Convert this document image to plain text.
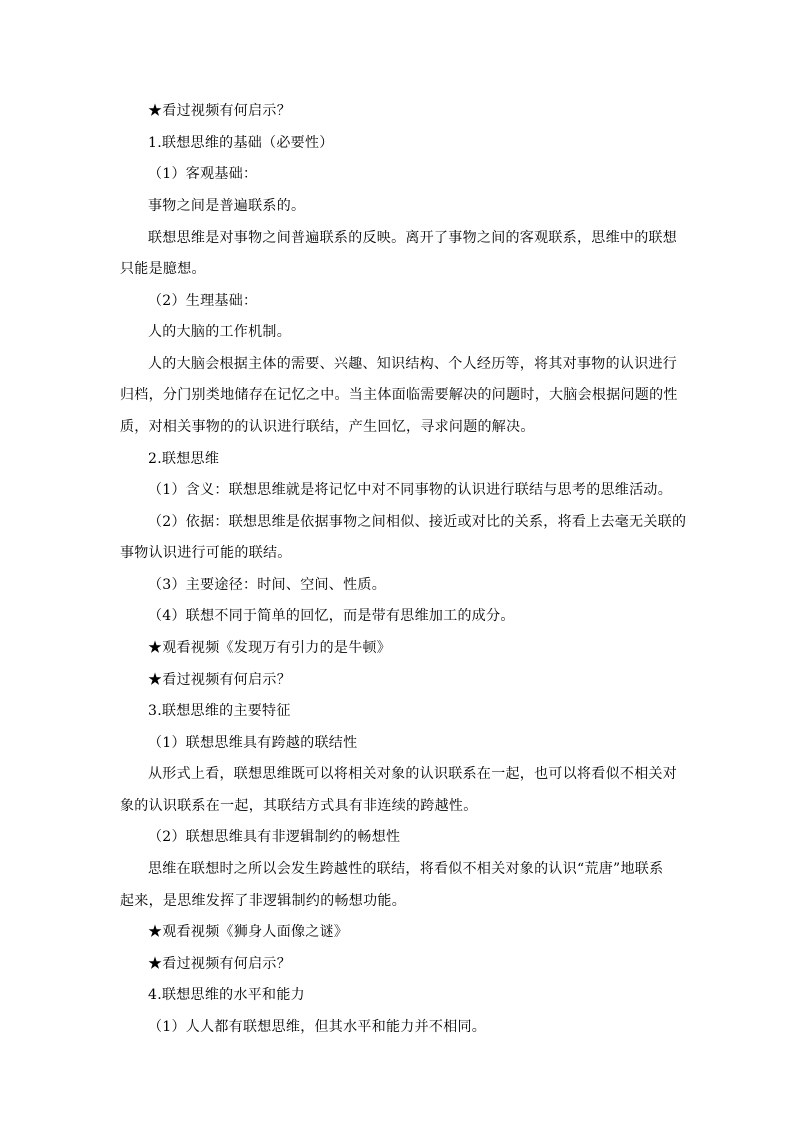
★看过视频有何启示？
1.联想思维的基础（必要性）
（1）客观基础：
事物之间是普遍联系的。
联想思维是对事物之间普遍联系的反映。离开了事物之间的客观联系，思维中的联想
只能是臆想。
（2）生理基础：
人的大脑的工作机制。
人的大脑会根据主体的需要、兴趣、知识结构、个人经历等，将其对事物的认识进行
归档，分门别类地储存在记忆之中。当主体面临需要解决的问题时，大脑会根据问题的性
质，对相关事物的的认识进行联结，产生回忆，寻求问题的解决。
2.联想思维
（1）含义：联想思维就是将记忆中对不同事物的认识进行联结与思考的思维活动。
（2）依据：联想思维是依据事物之间相似、接近或对比的关系，将看上去毫无关联的
事物认识进行可能的联结。
（3）主要途径：时间、空间、性质。
（4）联想不同于简单的回忆，而是带有思维加工的成分。
★观看视频《发现万有引力的是牛顿》
★看过视频有何启示？
3.联想思维的主要特征
（1）联想思维具有跨越的联结性
从形式上看，联想思维既可以将相关对象的认识联系在一起，也可以将看似不相关对
象的认识联系在一起，其联结方式具有非连续的跨越性。
（2）联想思维具有非逻辑制约的畅想性
思维在联想时之所以会发生跨越性的联结，将看似不相关对象的认识“荒唐”地联系
起来，是思维发挥了非逻辑制约的畅想功能。
★观看视频《狮身人面像之谜》
★看过视频有何启示？
4.联想思维的水平和能力
（1）人人都有联想思维，但其水平和能力并不相同。
